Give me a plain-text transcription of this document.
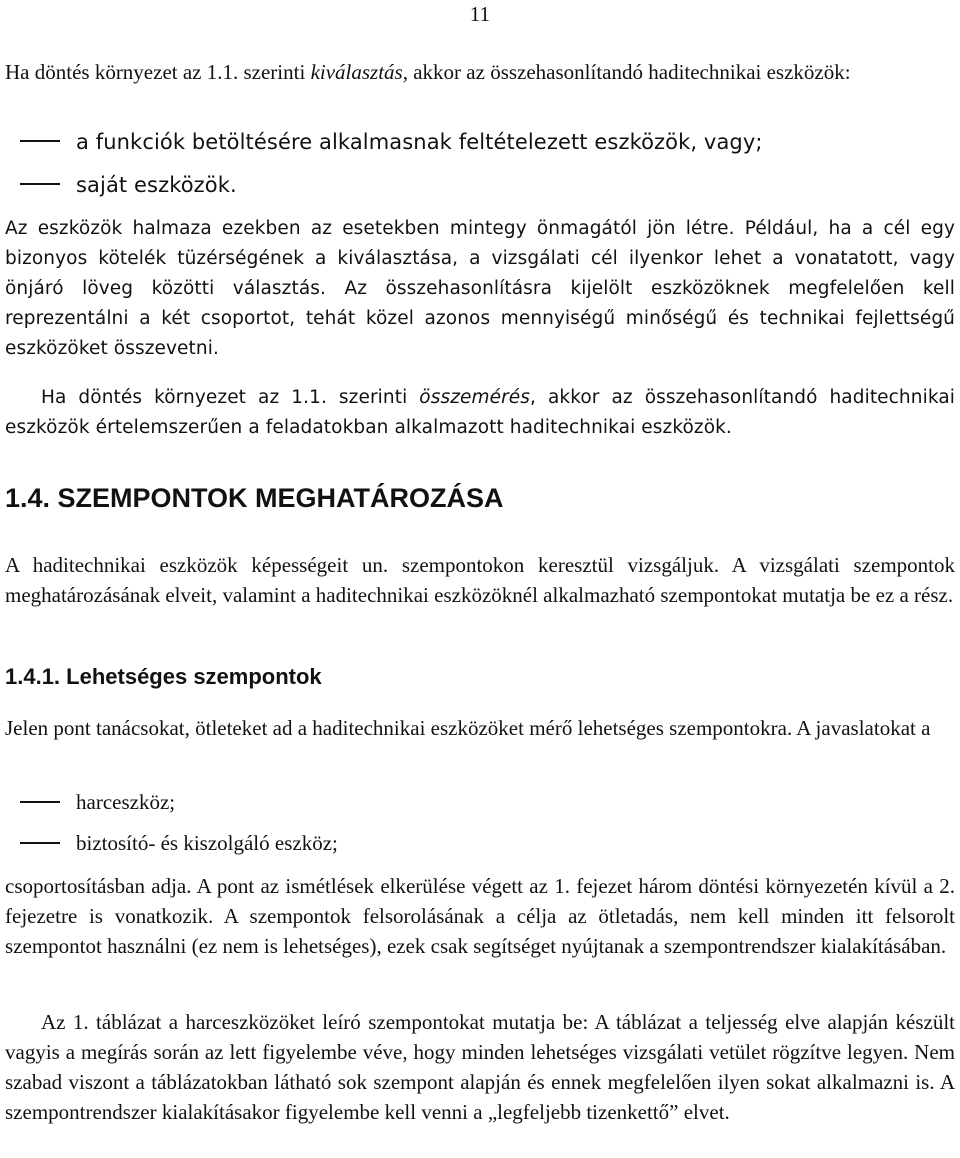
11

Ha döntés környezet az 1.1. szerinti kiválasztás, akkor az összehasonlítandó haditechnikai eszközök:

a funkciók betöltésére alkalmasnak feltételezett eszközök, vagy;
saját eszközök.

Az eszközök halmaza ezekben az esetekben mintegy önmagától jön létre. Például, ha a cél egy bizonyos kötelék tüzérségének a kiválasztása, a vizsgálati cél ilyenkor lehet a vonatatott, vagy önjáró löveg közötti választás. Az összehasonlításra kijelölt eszközöknek megfelelően kell reprezentálni a két csoportot, tehát közel azonos mennyiségű minőségű és technikai fejlettségű eszközöket összevetni.

Ha döntés környezet az 1.1. szerinti összemérés, akkor az összehasonlítandó haditechnikai eszközök értelemszerűen a feladatokban alkalmazott haditechnikai eszközök.

1.4. SZEMPONTOK MEGHATÁROZÁSA

A haditechnikai eszközök képességeit un. szempontokon keresztül vizsgáljuk. A vizsgálati szempontok meghatározásának elveit, valamint a haditechnikai eszközöknél alkalmazható szempontokat mutatja be ez a rész.

1.4.1. Lehetséges szempontok

Jelen pont tanácsokat, ötleteket ad a haditechnikai eszközöket mérő lehetséges szempontokra. A javaslatokat a

harceszköz;
biztosító- és kiszolgáló eszköz;

csoportosításban adja. A pont az ismétlések elkerülése végett az 1. fejezet három döntési környezetén kívül a 2. fejezetre is vonatkozik. A szempontok felsorolásának a célja az ötletadás, nem kell minden itt felsorolt szempontot használni (ez nem is lehetséges), ezek csak segítséget nyújtanak a szempontrendszer kialakításában.

Az 1. táblázat a harceszközöket leíró szempontokat mutatja be: A táblázat a teljesség elve alapján készült vagyis a megírás során az lett figyelembe véve, hogy minden lehetséges vizsgálati vetület rögzítve legyen. Nem szabad viszont a táblázatokban látható sok szempont alapján és ennek megfelelően ilyen sokat alkalmazni is. A szempontrendszer kialakításakor figyelembe kell venni a „legfeljebb tizenkettő” elvet.
